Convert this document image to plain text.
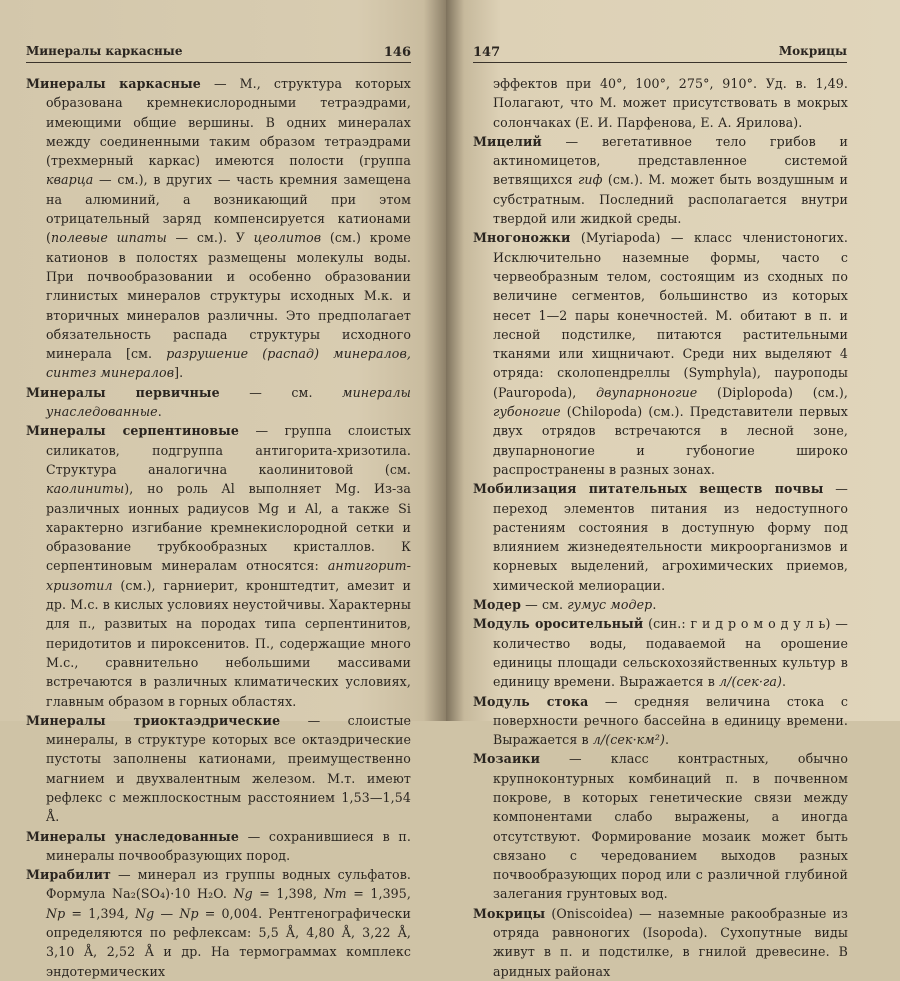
Минералы каркасные	146

Минералы каркасные — М., структура которых образована кремнекислородными тетраэдрами, имеющими общие вершины. В одних минералах между соединенными таким образом тетраэдрами (трехмерный каркас) имеются полости (группа кварца — см.), в других — часть кремния замещена на алюминий, а возникающий при этом отрицательный заряд компенсируется катионами (полевые шпаты — см.). У цеолитов (см.) кроме катионов в полостях размещены молекулы воды. При почвообразовании и особенно образовании глинистых минералов структуры исходных М.к. и вторичных минералов различны. Это предполагает обязательность распада структуры исходного минерала [см. разрушение (распад) минералов, синтез минералов].

Минералы первичные — см. минералы унаследованные.

Минералы серпентиновые — группа слоистых силикатов, подгруппа антигорита-хризотила. Структура аналогична каолинитовой (см. каолиниты), но роль Al выполняет Mg. Из-за различных ионных радиусов Mg и Al, а также Si характерно изгибание кремнекислородной сетки и образование трубкообразных кристаллов. К серпентиновым минералам относятся: антигорит-хризотил (см.), гарниерит, кронштедтит, амезит и др. М.с. в кислых условиях неустойчивы. Характерны для п., развитых на породах типа серпентинитов, перидотитов и пироксенитов. П., содержащие много М.с., сравнительно небольшими массивами встречаются в различных климатических условиях, главным образом в горных областях.

Минералы триоктаэдрические — слоистые минералы, в структуре которых все октаэдрические пустоты заполнены катионами, преимущественно магнием и двухвалентным железом. М.т. имеют рефлекс с межплоскостным расстоянием 1,53—1,54 Å.

Минералы унаследованные — сохранившиеся в п. минералы почвообразующих пород.

Мирабилит — минерал из группы водных сульфатов. Формула Na₂(SO₄)·10 H₂O. Ng = 1,398, Nm = 1,395, Np = 1,394, Ng — Np = 0,004. Рентгенографически определяются по рефлексам: 5,5 Å, 4,80 Å, 3,22 Å, 3,10 Å, 2,52 Å и др. На термограммах комплекс эндотермических

147	Мокрицы

эффектов при 40°, 100°, 275°, 910°. Уд. в. 1,49. Полагают, что М. может присутствовать в мокрых солончаках (Е. И. Парфенова, Е. А. Ярилова).

Мицелий — вегетативное тело грибов и актиномицетов, представленное системой ветвящихся гиф (см.). М. может быть воздушным и субстратным. Последний располагается внутри твердой или жидкой среды.

Многоножки (Myriapoda) — класс членистоногих. Исключительно наземные формы, часто с червеобразным телом, состоящим из сходных по величине сегментов, большинство из которых несет 1—2 пары конечностей. М. обитают в п. и лесной подстилке, питаются растительными тканями или хищничают. Среди них выделяют 4 отряда: сколопендреллы (Symphyla), пауроподы (Pauropoda), двупарноногие (Diplopoda) (см.), губоногие (Chilopoda) (см.). Представители первых двух отрядов встречаются в лесной зоне, двупарноногие и губоногие широко распространены в разных зонах.

Мобилизация питательных веществ почвы — переход элементов питания из недоступного растениям состояния в доступную форму под влиянием жизнедеятельности микроорганизмов и корневых выделений, агрохимических приемов, химической мелиорации.

Модер — см. гумус модер.

Модуль оросительный (син.: г и д р о м о д у л ь) — количество воды, подаваемой на орошение единицы площади сельскохозяйственных культур в единицу времени. Выражается в л/(сек·га).

Модуль стока — средняя величина стока с поверхности речного бассейна в единицу времени. Выражается в л/(сек·км²).

Мозаики — класс контрастных, обычно крупноконтурных комбинаций п. в почвенном покрове, в которых генетические связи между компонентами слабо выражены, а иногда отсутствуют. Формирование мозаик может быть связано с чередованием выходов разных почвообразующих пород или с различной глубиной залегания грунтовых вод.

Мокрицы (Oniscoidea) — наземные ракообразные из отряда равноногих (Isopoda). Сухопутные виды живут в п. и подстилке, в гнилой древесине. В аридных районах
